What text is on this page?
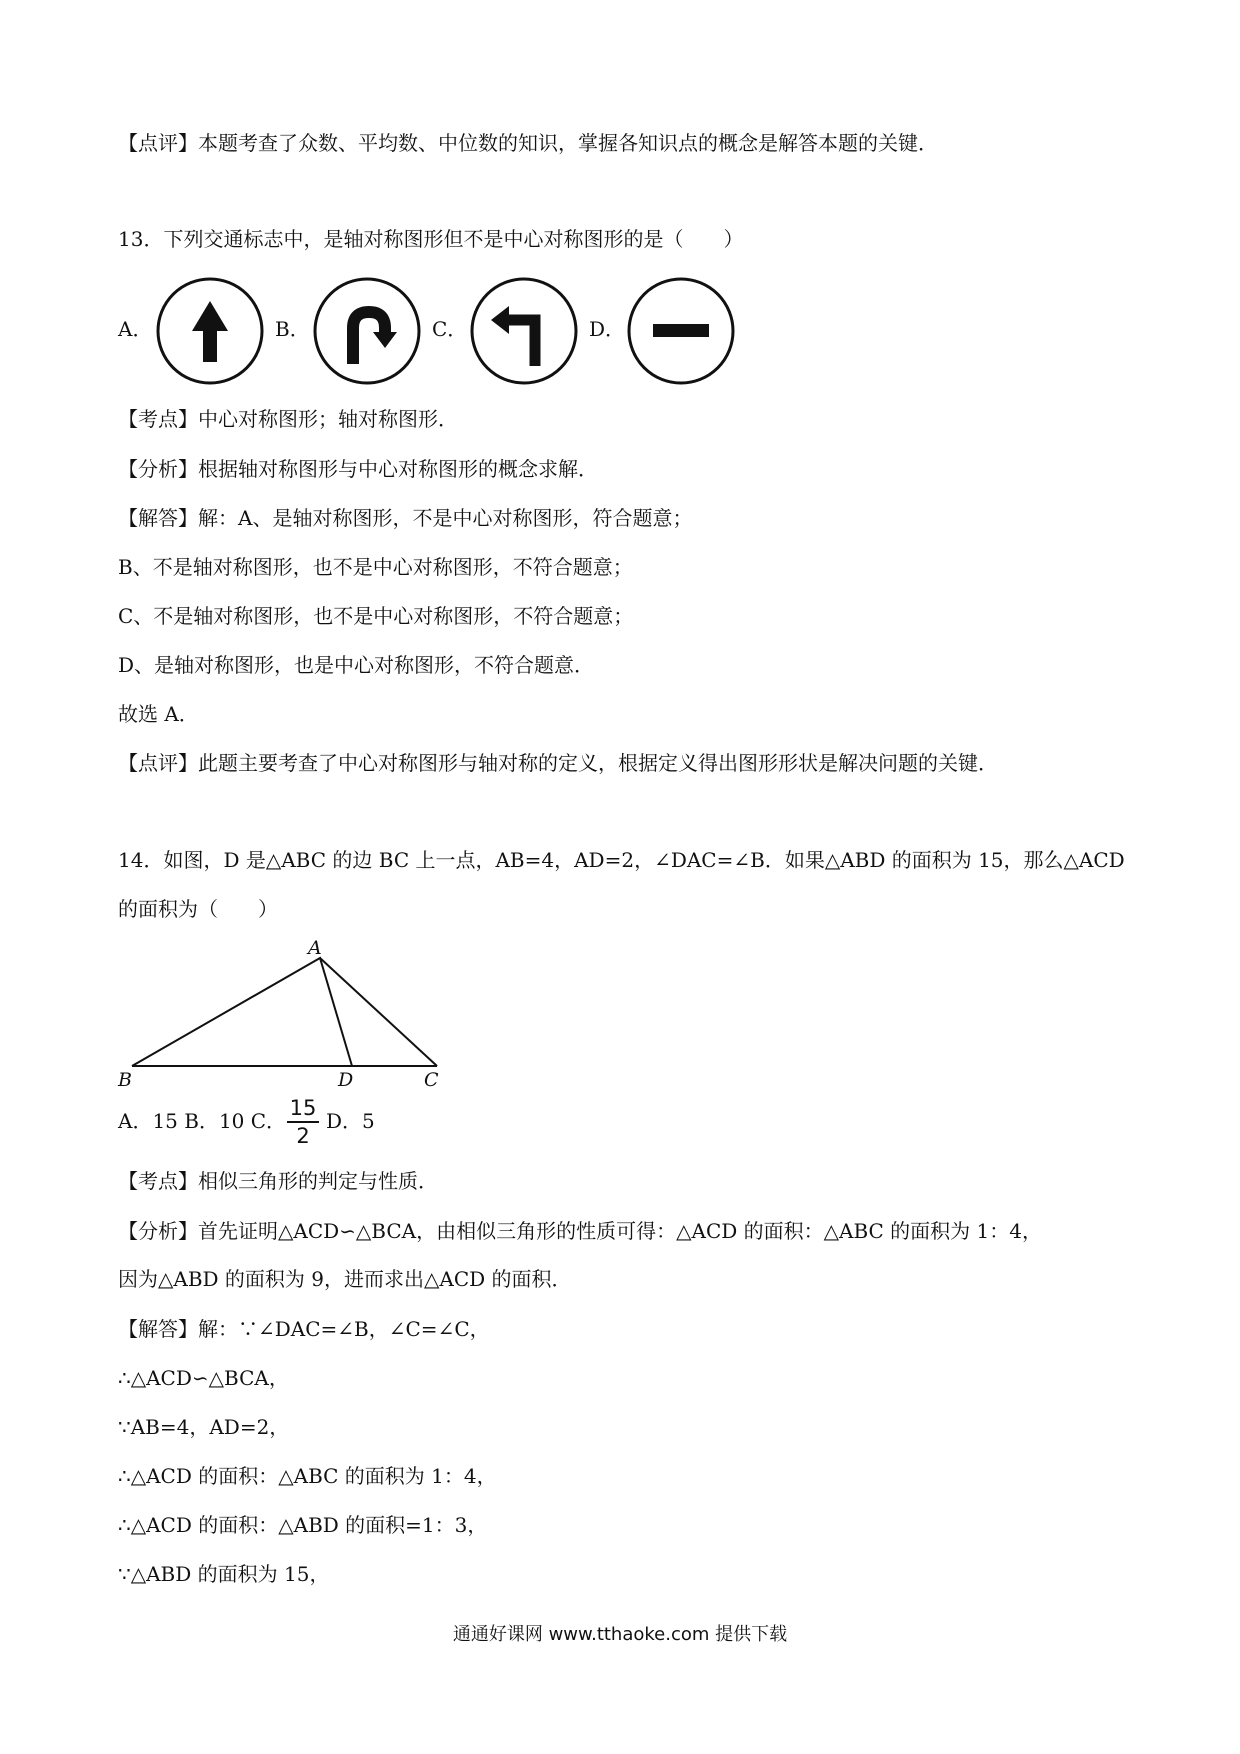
【点评】本题考查了众数、平均数、中位数的知识，掌握各知识点的概念是解答本题的关键．
13．下列交通标志中，是轴对称图形但不是中心对称图形的是（　　）
A．	B．	C．	D．
【考点】中心对称图形；轴对称图形．
【分析】根据轴对称图形与中心对称图形的概念求解．
【解答】解：A、是轴对称图形，不是中心对称图形，符合题意；
B、不是轴对称图形，也不是中心对称图形，不符合题意；
C、不是轴对称图形，也不是中心对称图形，不符合题意；
D、是轴对称图形，也是中心对称图形，不符合题意．
故选 A．
【点评】此题主要考查了中心对称图形与轴对称的定义，根据定义得出图形形状是解决问题的关键．
14．如图，D 是△ABC 的边 BC 上一点，AB=4，AD=2，∠DAC=∠B．如果△ABD 的面积为 15，那么△ACD
的面积为（　　）
A
B	D	C
A．15 B．10 C．
15
2
D．5
【考点】相似三角形的判定与性质．
【分析】首先证明△ACD∽△BCA，由相似三角形的性质可得：△ACD 的面积：△ABC 的面积为 1：4，
因为△ABD 的面积为 9，进而求出△ACD 的面积．
【解答】解：∵∠DAC=∠B，∠C=∠C，
∴△ACD∽△BCA，
∵AB=4，AD=2，
∴△ACD 的面积：△ABC 的面积为 1：4，
∴△ACD 的面积：△ABD 的面积=1：3，
∵△ABD 的面积为 15，
通通好课网 www.tthaoke.com 提供下载
